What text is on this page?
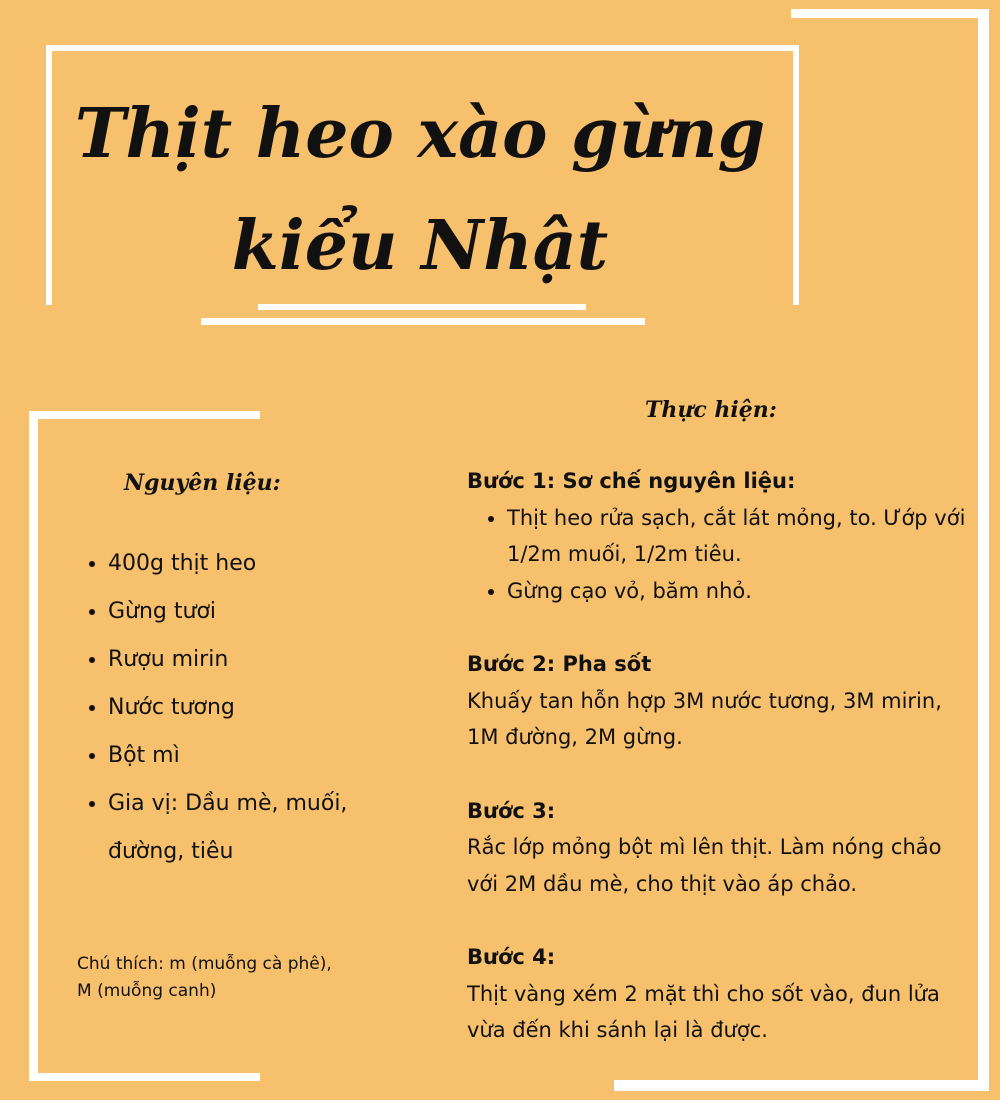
Thịt heo xào gừng
kiểu Nhật
Nguyên liệu:
• 400g thịt heo
• Gừng tươi
• Rượu mirin
• Nước tương
• Bột mì
• Gia vị: Dầu mè, muối, đường, tiêu

Chú thích: m (muỗng cà phê), M (muỗng canh)

Thực hiện:
Bước 1: Sơ chế nguyên liệu:
• Thịt heo rửa sạch, cắt lát mỏng, to. Ướp với 1/2m muối, 1/2m tiêu.
• Gừng cạo vỏ, băm nhỏ.
Bước 2: Pha sốt

Khuấy tan hỗn hợp 3M nước tương, 3M mirin, 1M đường, 2M gừng.

Bước 3:

Rắc lớp mỏng bột mì lên thịt. Làm nóng chảo với 2M dầu mè, cho thịt vào áp chảo.

Bước 4:

Thịt vàng xém 2 mặt thì cho sốt vào, đun lửa vừa đến khi sánh lại là được.
